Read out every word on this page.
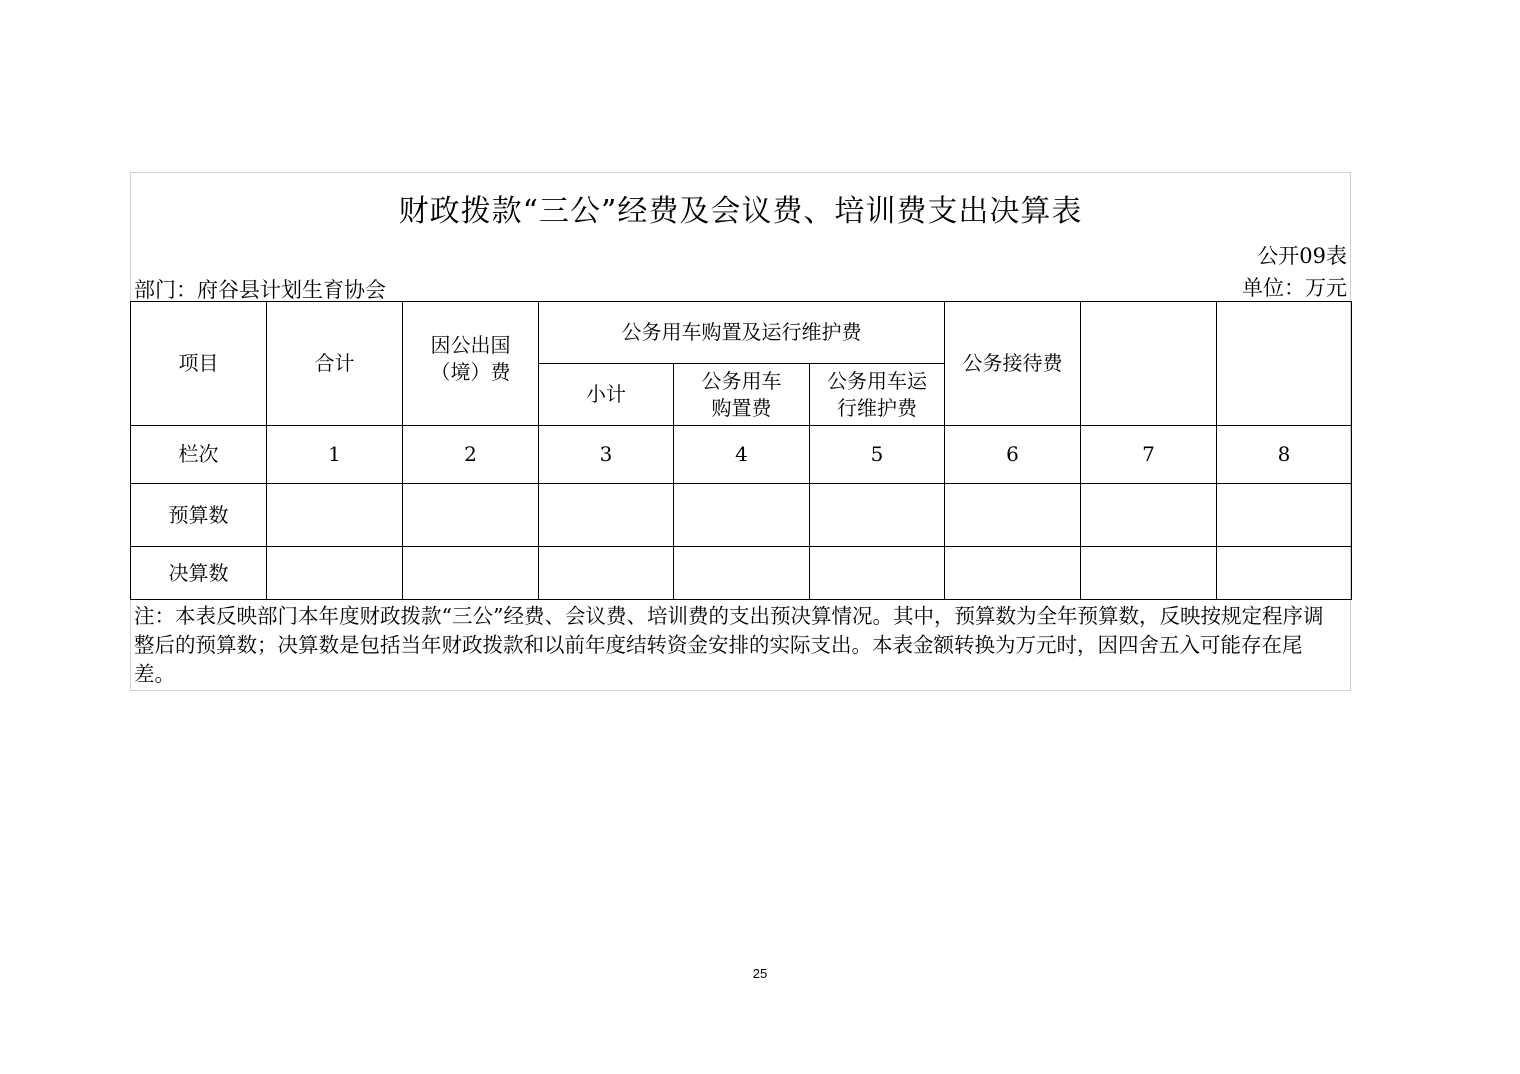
财政拨款“三公”经费及会议费、培训费支出决算表
公开09表
部门：府谷县计划生育协会	单位：万元
项目	合计	因公出国（境）费	公务用车购置及运行维护费			公务接待费		
			小计	公务用车购置费	公务用车运行维护费			

栏次	1	2	3	4	5	6	7	8
预算数								
决算数								
注：本表反映部门本年度财政拨款“三公”经费、会议费、培训费的支出预决算情况。其中，预算数为全年预算数，反映按规定程序调整后的预算数；决算数是包括当年财政拨款和以前年度结转资金安排的实际支出。本表金额转换为万元时，因四舍五入可能存在尾差。
25
